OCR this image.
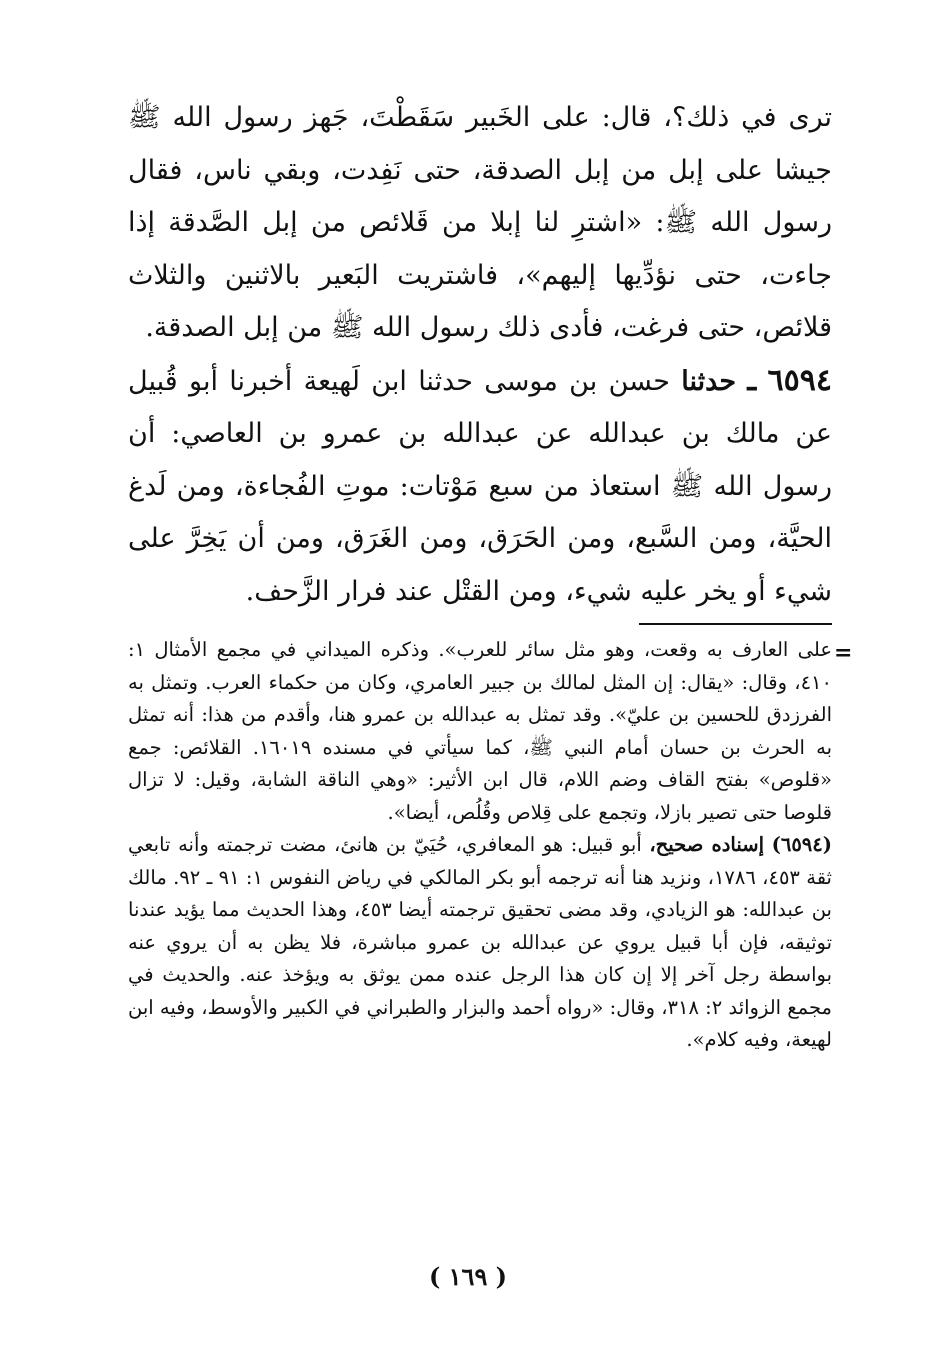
ترى في ذلك؟، قال: على الخَبير سَقَطْتَ، جَهز رسول الله ﷺ جيشا على إبل من إبل الصدقة، حتى نَفِدت، وبقي ناس، فقال رسول الله ﷺ: «اشترِ لنا إبلا من قَلائص من إبل الصَّدقة إذا جاءت، حتى نؤدِّيها إليهم»، فاشتريت البَعير بالاثنين والثلاث قلائص، حتى فرغت، فأدى ذلك رسول الله ﷺ من إبل الصدقة.

٦٥٩٤ ـ حدثنا حسن بن موسى حدثنا ابن لَهيعة أخبرنا أبو قُبيل عن مالك بن عبدالله عن عبدالله بن عمرو بن العاصي: أن رسول الله ﷺ استعاذ من سبع مَوْتات: موتِ الفُجاءة، ومن لَدغ الحيَّة، ومن السَّبع، ومن الحَرَق، ومن الغَرَق، ومن أن يَخِرَّ على شيء أو يخر عليه شيء، ومن القتْل عند فرار الزَّحف.

=

على العارف به وقعت، وهو مثل سائر للعرب». وذكره الميداني في مجمع الأمثال ١: ٤١٠، وقال: «يقال: إن المثل لمالك بن جبير العامري، وكان من حكماء العرب. وتمثل به الفرزدق للحسين بن عليّ». وقد تمثل به عبدالله بن عمرو هنا، وأقدم من هذا: أنه تمثل به الحرث بن حسان أمام النبي ﷺ، كما سيأتي في مسنده ١٦٠١٩. القلائص: جمع «قلوص» بفتح القاف وضم اللام، قال ابن الأثير: «وهي الناقة الشابة، وقيل: لا تزال قلوصا حتى تصير بازلا، وتجمع على قِلاص وقُلُص، أيضا».

(٦٥٩٤) إسناده صحيح، أبو قبيل: هو المعافري، حُيَيّ بن هانئ، مضت ترجمته وأنه تابعي ثقة ٤٥٣، ١٧٨٦، ونزيد هنا أنه ترجمه أبو بكر المالكي في رياض النفوس ١: ٩١ ـ ٩٢. مالك بن عبدالله: هو الزيادي، وقد مضى تحقيق ترجمته أيضا ٤٥٣، وهذا الحديث مما يؤيد عندنا توثيقه، فإن أبا قبيل يروي عن عبدالله بن عمرو مباشرة، فلا يظن به أن يروي عنه بواسطة رجل آخر إلا إن كان هذا الرجل عنده ممن يوثق به ويؤخذ عنه. والحديث في مجمع الزوائد ٢: ٣١٨، وقال: «رواه أحمد والبزار والطبراني في الكبير والأوسط، وفيه ابن لهيعة، وفيه كلام».

( ١٦٩ )
